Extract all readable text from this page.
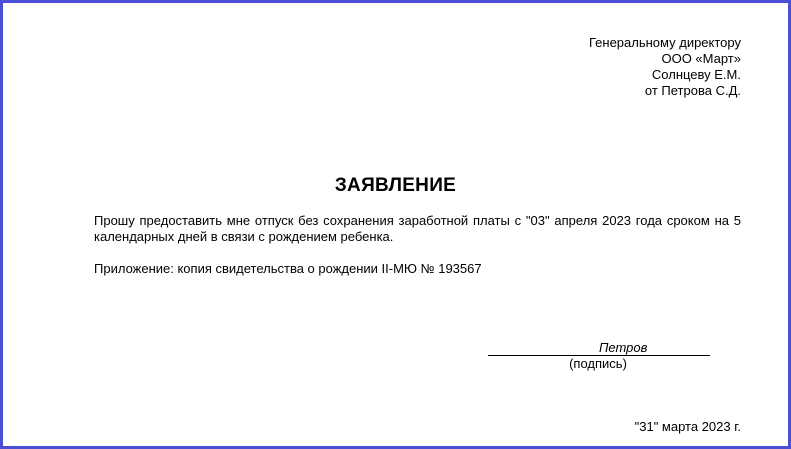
Генеральному директору
ООО «Март»
Солнцеву Е.М.
от Петрова С.Д.
ЗАЯВЛЕНИЕ
Прошу предоставить мне отпуск без сохранения заработной платы с "03" апреля 2023 года сроком на 5 календарных дней в связи с рождением ребенка.
Приложение: копия свидетельства о рождении II-МЮ № 193567
Петров
(подпись)
"31" марта 2023 г.
